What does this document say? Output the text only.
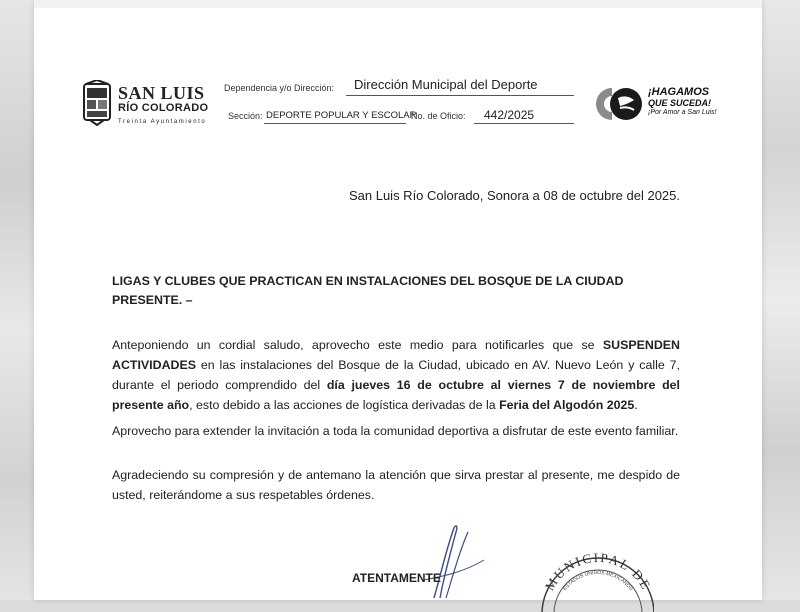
SAN LUIS
RÍO COLORADO
Treinta Ayuntamiento
Dependencia y/o Dirección: Dirección Municipal del Deporte
Sección: DEPORTE POPULAR Y ESCOLAR
No. de Oficio: 442/2025
¡HAGAMOS
QUE SUCEDA!
¡Por Amor a San Luis!
San Luis Río Colorado, Sonora a 08 de octubre del 2025.
LIGAS Y CLUBES QUE PRACTICAN EN INSTALACIONES DEL BOSQUE DE LA CIUDAD
PRESENTE. –
Anteponiendo un cordial saludo, aprovecho este medio para notificarles que se SUSPENDEN ACTIVIDADES en las instalaciones del Bosque de la Ciudad, ubicado en AV. Nuevo León y calle 7, durante el periodo comprendido del día jueves 16 de octubre al viernes 7 de noviembre del presente año, esto debido a las acciones de logística derivadas de la Feria del Algodón 2025.
Aprovecho para extender la invitación a toda la comunidad deportiva a disfrutar de este evento familiar.
Agradeciendo su compresión y de antemano la atención que sirva prestar al presente, me despido de usted, reiterándome a sus respetables órdenes.
ATENTAMENTE	MUNICIPAL DE
ESTADOS UNIDOS MEXICANOS
